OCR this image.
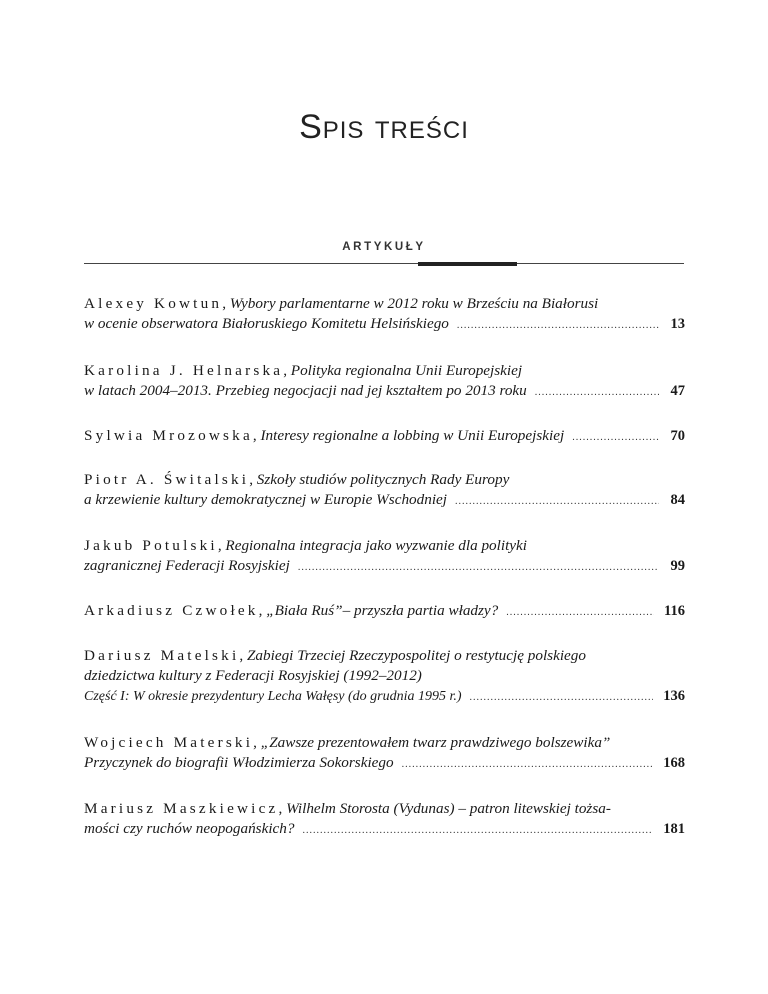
Spis treści
ARTYKUŁY
Alexey Kowtun, Wybory parlamentarne w 2012 roku w Brześciu na Białorusi
w ocenie obserwatora Białoruskiego Komitetu Helsińskiego .....	13
Karolina J. Helnarska, Polityka regionalna Unii Europejskiej
w latach 2004–2013. Przebieg negocjacji nad jej kształtem po 2013 roku .....	47
Sylwia Mrozowska, Interesy regionalne a lobbing w Unii Europejskiej .....	70
Piotr A. Świtalski, Szkoły studiów politycznych Rady Europy
a krzewienie kultury demokratycznej w Europie Wschodniej .....	84
Jakub Potulski, Regionalna integracja jako wyzwanie dla polityki
zagranicznej Federacji Rosyjskiej .....	99
Arkadiusz Czwołek, „Biała Ruś”– przyszła partia władzy? .....	116
Dariusz Matelski, Zabiegi Trzeciej Rzeczypospolitej o restytucję polskiego
dziedzictwa kultury z Federacji Rosyjskiej (1992–2012)
Część I: W okresie prezydentury Lecha Wałęsy (do grudnia 1995 r.) .....	136
Wojciech Materski, „Zawsze prezentowałem twarz prawdziwego bolszewika”
Przyczynek do biografii Włodzimierza Sokorskiego .....	168
Mariusz Maszkiewicz, Wilhelm Storosta (Vydunas) – patron litewskiej tożsa-
mości czy ruchów neopogańskich? .....	181
